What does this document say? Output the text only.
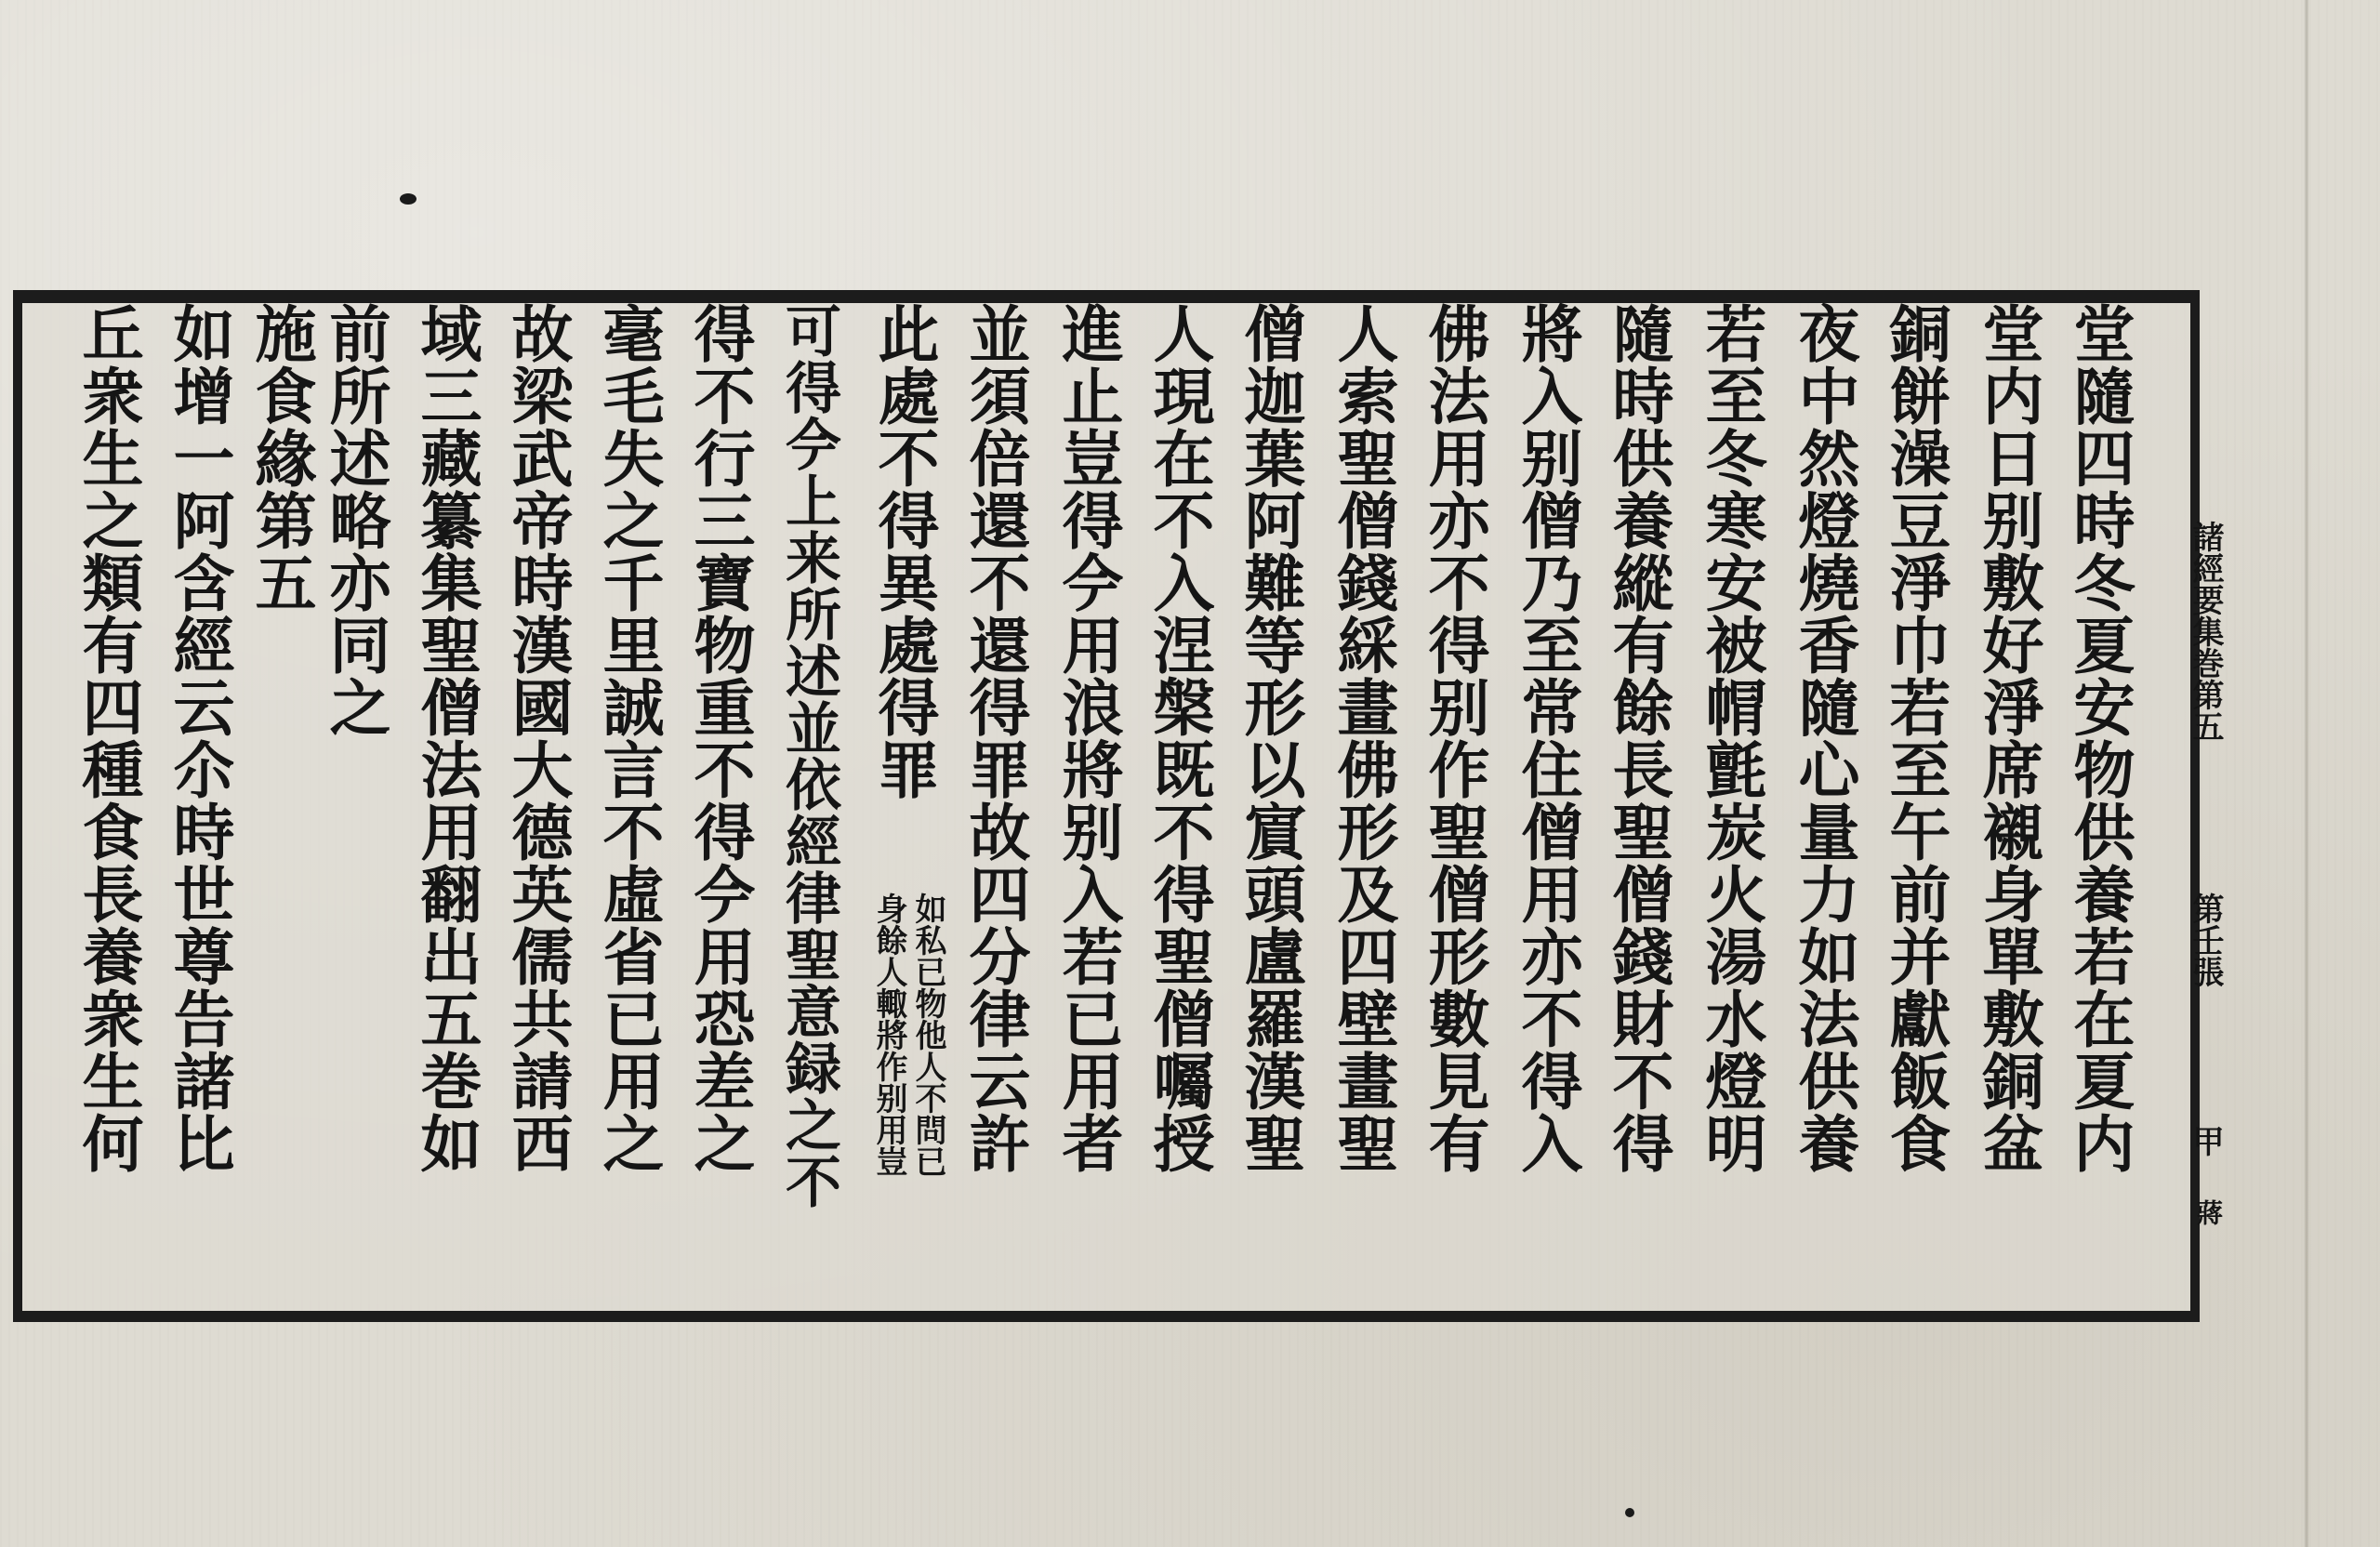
諸經要集巻第五
第壬張
甲
蔣
堂隨四時冬夏安物供養若在夏内
堂内日别敷好淨席襯身單敷銅盆
銅餅澡豆淨巾若至午前并獻飯食
夜中然燈燒香隨心量力如法供養
若至冬寒安被㡌氈炭火湯水燈明
隨時供養縱有餘長聖僧錢財不得
將入别僧乃至常住僧用亦不得入
佛法用亦不得别作聖僧形數見有
人索聖僧錢綵畫佛形及四壁畫聖
僧迦葉阿難等形以賔頭盧羅漢聖
人現在不入涅槃既不得聖僧囑授
進止豈得𫝆用浪將别入若已用者
並須倍還不還得罪故四分律云許
此處不得異處得罪
如私已物他人不問已
身餘人輙將作别用豈
可得𫝆上来所述並依經律聖意録之不
得不行三寶物重不得𫝆用恐差之
毫毛失之千里誠言不虛省已用之
故梁武帝時漢國大德英儒共請西
域三藏纂集聖僧法用翻出五巻如
前所述略亦同之
施食緣第五
如增一阿含經云尒時世尊告諸比
丘衆生之類有四種食長養衆生何
